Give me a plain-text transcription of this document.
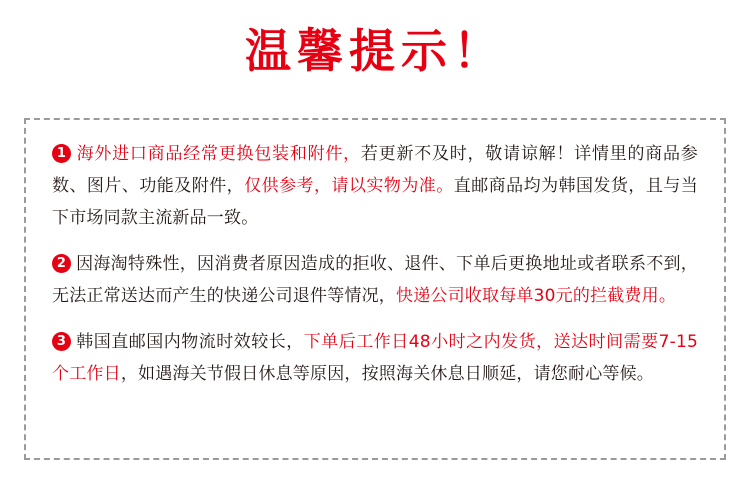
温馨提示！
1 海外进口商品经常更换包装和附件，若更新不及时，敬请谅解！详情里的商品参数、图片、功能及附件，仅供参考，请以实物为准。直邮商品均为韩国发货，且与当下市场同款主流新品一致。
2 因海淘特殊性，因消费者原因造成的拒收、退件、下单后更换地址或者联系不到，无法正常送达而产生的快递公司退件等情况，快递公司收取每单30元的拦截费用。
3 韩国直邮国内物流时效较长，下单后工作日48小时之内发货，送达时间需要7-15个工作日，如遇海关节假日休息等原因，按照海关休息日顺延，请您耐心等候。
